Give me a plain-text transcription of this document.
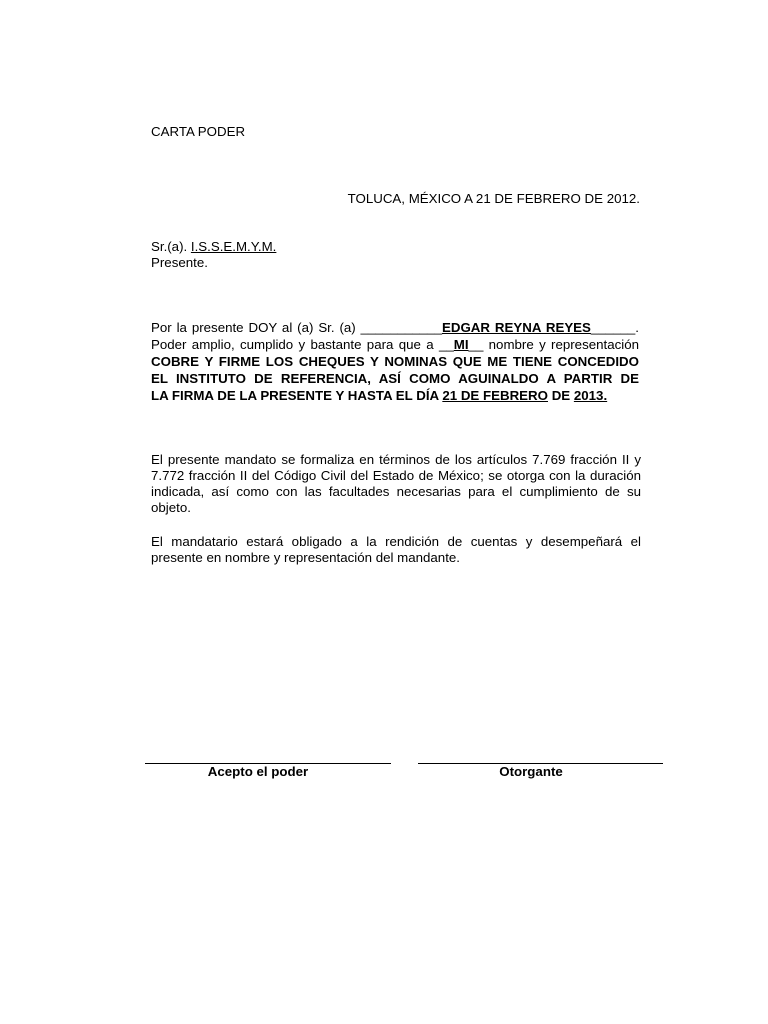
CARTA PODER
TOLUCA, MÉXICO A 21 DE FEBRERO DE 2012.
Sr.(a). I.S.S.E.M.Y.M.
Presente.
Por la presente DOY al (a) Sr. (a) ___________EDGAR REYNA REYES______.
Poder amplio, cumplido y bastante para que a __MI__ nombre y representación
COBRE Y FIRME LOS CHEQUES Y NOMINAS QUE ME TIENE CONCEDIDO
EL INSTITUTO DE REFERENCIA, ASÍ COMO AGUINALDO A PARTIR DE
LA FIRMA DE LA PRESENTE Y HASTA EL DÍA 21 DE FEBRERO DE 2013.
El presente mandato se formaliza en términos de los artículos 7.769 fracción II y 7.772 fracción II del Código Civil del Estado de México; se otorga con la duración indicada, así como con las facultades necesarias para el cumplimiento de su objeto.
El mandatario estará obligado a la rendición de cuentas y desempeñará el presente en nombre y representación del mandante.
Acepto el poder	Otorgante
